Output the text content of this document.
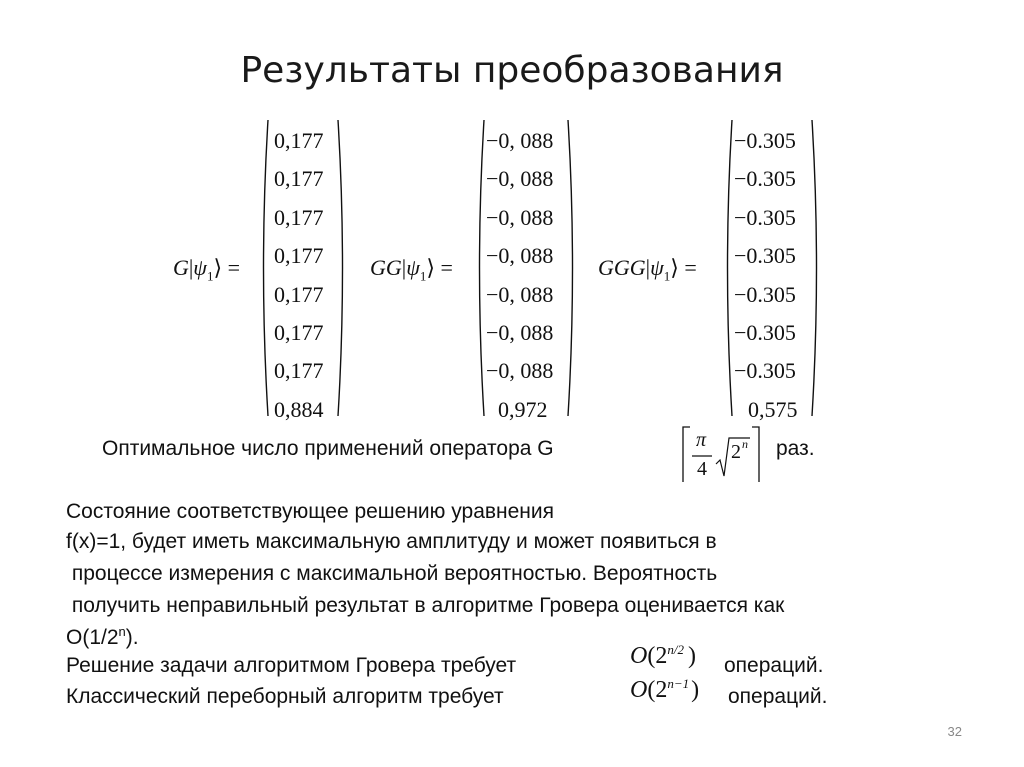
Результаты преобразования
$G|\psi_1⟩$ =
0,177
0,177
0,177
0,177
0,177
0,177
0,177
0,884
$GG|\psi_1⟩$ =
−0, 088
−0, 088
−0, 088
−0, 088
−0, 088
−0, 088
−0, 088
0,972
$GGG|\psi_1⟩$ =
−0.305
−0.305
−0.305
−0.305
−0.305
−0.305
−0.305
0,575
Оптимальное число применений оператора G	π
4
2 n раз.
Состояние соответствующее решению уравнения
f(x)=1, будет иметь максимальную амплитуду и может появиться в
процессе измерения с максимальной вероятностью. Вероятность
получить неправильный результат в алгоритме Гровера оценивается как
O(1/2$^n$).
Решение задачи алгоритмом Гровера требует	$O(2^{n/2}$ ) операций.
Классический переборный алгоритм требует	$O(2^{n-1})$ операций.
32
